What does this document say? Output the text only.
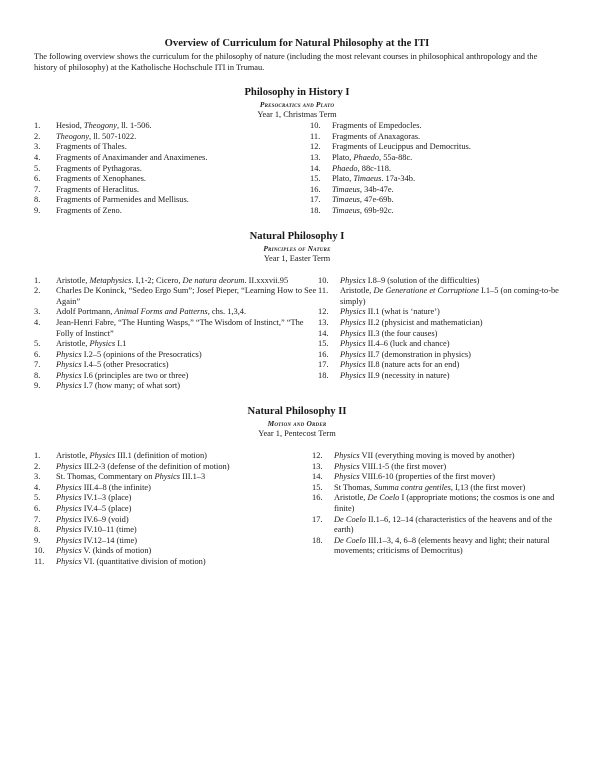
Overview of Curriculum for Natural Philosophy at the ITI

The following overview shows the curriculum for the philosophy of nature (including the most relevant courses in philosophical anthropology and the history of philosophy) at the Katholische Hochschule ITI in Trumau.

Philosophy in History I
Presocratics and Plato
Year 1, Christmas Term
1.	Hesiod, Theogony, ll. 1-506.
2.	Theogony, ll. 507-1022.
3.	Fragments of Thales.
4.	Fragments of Anaximander and Anaximenes.
5.	Fragments of Pythagoras.
6.	Fragments of Xenophanes.
7.	Fragments of Heraclitus.
8.	Fragments of Parmenides and Mellisus.
9.	Fragments of Zeno.
10.	Fragments of Empedocles.
11.	Fragments of Anaxagoras.
12.	Fragments of Leucippus and Democritus.
13.	Plato, Phaedo, 55a-88c.
14.	Phaedo, 88c-118.
15.	Plato, Timaeus. 17a-34b.
16.	Timaeus, 34b-47e.
17.	Timaeus, 47e-69b.
18.	Timaeus, 69b-92c.
Natural Philosophy I
Principles of Nature
Year 1, Easter Term
1.	Aristotle, Metaphysics. I,1-2; Cicero, De natura deorum. II.xxxvii.95
2.	Charles De Koninck, “Sedeo Ergo Sum”; Josef Pieper, “Learning How to See Again”
3.	Adolf Portmann, Animal Forms and Patterns, chs. 1,3,4.
4.	Jean-Henri Fabre, “The Hunting Wasps,” “The Wisdom of Instinct,” “The Folly of Instinct”
5.	Aristotle, Physics I.1
6.	Physics I.2–5 (opinions of the Presocratics)
7.	Physics I.4–5 (other Presocratics)
8.	Physics I.6 (principles are two or three)
9.	Physics I.7 (how many; of what sort)
10.	Physics I.8–9 (solution of the difficulties)
11.	Aristotle, De Generatione et Corruptione I.1–5 (on coming-to-be simply)
12.	Physics II.1 (what is ‘nature’)
13.	Physics II.2 (physicist and mathematician)
14.	Physics II.3 (the four causes)
15.	Physics II.4–6 (luck and chance)
16.	Physics II.7 (demonstration in physics)
17.	Physics II.8 (nature acts for an end)
18.	Physics II.9 (necessity in nature)
Natural Philosophy II
Motion and Order
Year 1, Pentecost Term
1.	Aristotle, Physics III.1 (definition of motion)
2.	Physics III.2-3 (defense of the definition of motion)
3.	St. Thomas, Commentary on Physics III.1–3
4.	Physics III.4–8 (the infinite)
5.	Physics IV.1–3 (place)
6.	Physics IV.4–5 (place)
7.	Physics IV.6–9 (void)
8.	Physics IV.10–11 (time)
9.	Physics IV.12–14 (time)
10.	Physics V. (kinds of motion)
11.	Physics VI. (quantitative division of motion)
12.	Physics VII (everything moving is moved by another)
13.	Physics VIII.1-5 (the first mover)
14.	Physics VIII.6-10 (properties of the first mover)
15.	St Thomas, Summa contra gentiles, I,13 (the first mover)
16.	Aristotle, De Coelo I (appropriate motions; the cosmos is one and finite)
17.	De Coelo II.1–6, 12–14 (characteristics of the heavens and of the earth)
18.	De Coelo III.1–3, 4, 6–8 (elements heavy and light; their natural movements; criticisms of Democritus)
